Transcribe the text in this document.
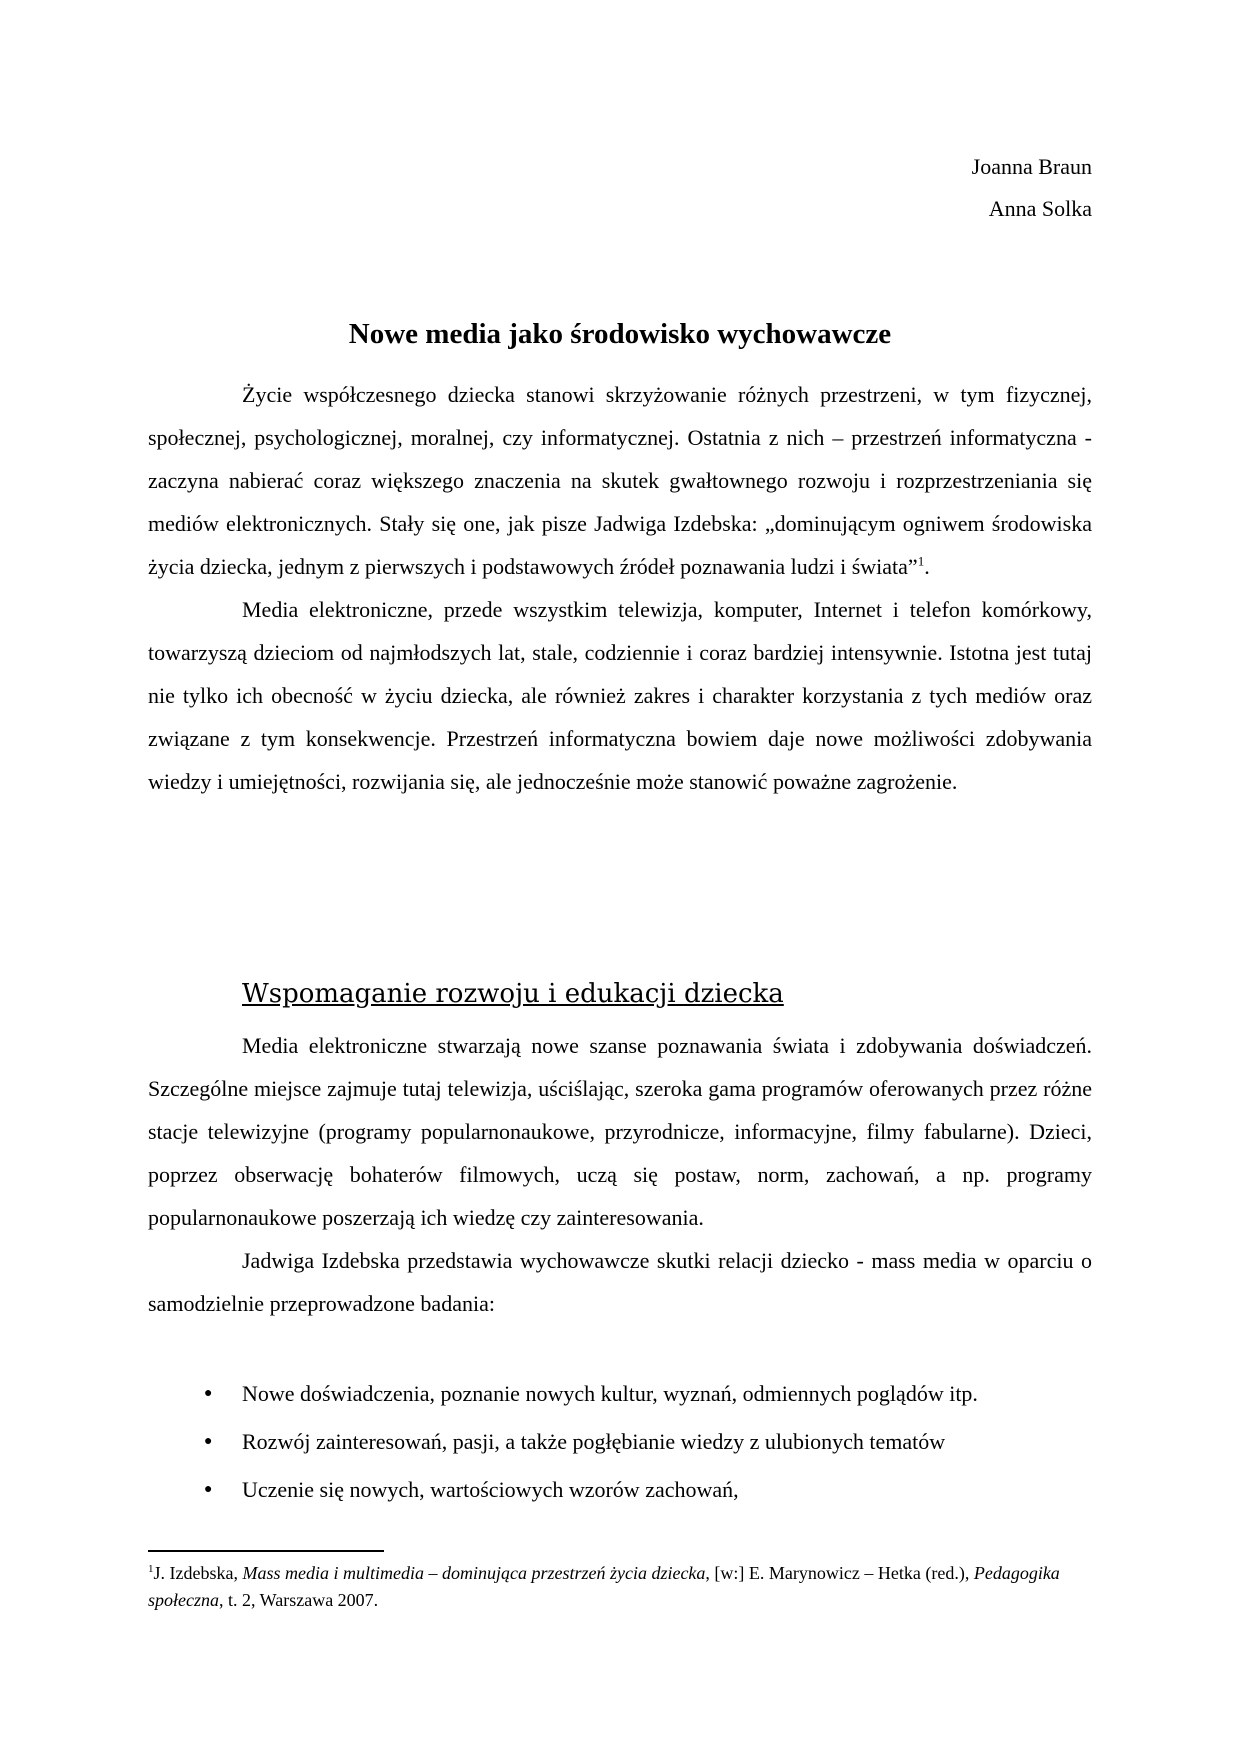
Joanna Braun
Anna Solka
Nowe media jako środowisko wychowawcze

Życie współczesnego dziecka stanowi skrzyżowanie różnych przestrzeni, w tym fizycznej, społecznej, psychologicznej, moralnej, czy informatycznej. Ostatnia z nich – przestrzeń informatyczna - zaczyna nabierać coraz większego znaczenia na skutek gwałtownego rozwoju i rozprzestrzeniania się mediów elektronicznych. Stały się one, jak pisze Jadwiga Izdebska: „dominującym ogniwem środowiska życia dziecka, jednym z pierwszych i podstawowych źródeł poznawania ludzi i świata”$^1$.

Media elektroniczne, przede wszystkim telewizja, komputer, Internet i telefon komórkowy, towarzyszą dzieciom od najmłodszych lat, stale, codziennie i coraz bardziej intensywnie. Istotna jest tutaj nie tylko ich obecność w życiu dziecka, ale również zakres i charakter korzystania z tych mediów oraz związane z tym konsekwencje. Przestrzeń informatyczna bowiem daje nowe możliwości zdobywania wiedzy i umiejętności, rozwijania się, ale jednocześnie może stanowić poważne zagrożenie.

Wspomaganie rozwoju i edukacji dziecka

Media elektroniczne stwarzają nowe szanse poznawania świata i zdobywania doświadczeń. Szczególne miejsce zajmuje tutaj telewizja, uściślając, szeroka gama programów oferowanych przez różne stacje telewizyjne (programy popularnonaukowe, przyrodnicze, informacyjne, filmy fabularne). Dzieci, poprzez obserwację bohaterów filmowych, uczą się postaw, norm, zachowań, a np. programy popularnonaukowe poszerzają ich wiedzę czy zainteresowania.

Jadwiga Izdebska przedstawia wychowawcze skutki relacji dziecko - mass media w oparciu o samodzielnie przeprowadzone badania:

● Nowe doświadczenia, poznanie nowych kultur, wyznań, odmiennych poglądów itp.
● Rozwój zainteresowań, pasji, a także pogłębianie wiedzy z ulubionych tematów
● Uczenie się nowych, wartościowych wzorów zachowań,
$^1$J. Izdebska, Mass media i multimedia – dominująca przestrzeń życia dziecka, [w:] E. Marynowicz – Hetka (red.), Pedagogika społeczna, t. 2, Warszawa 2007.
